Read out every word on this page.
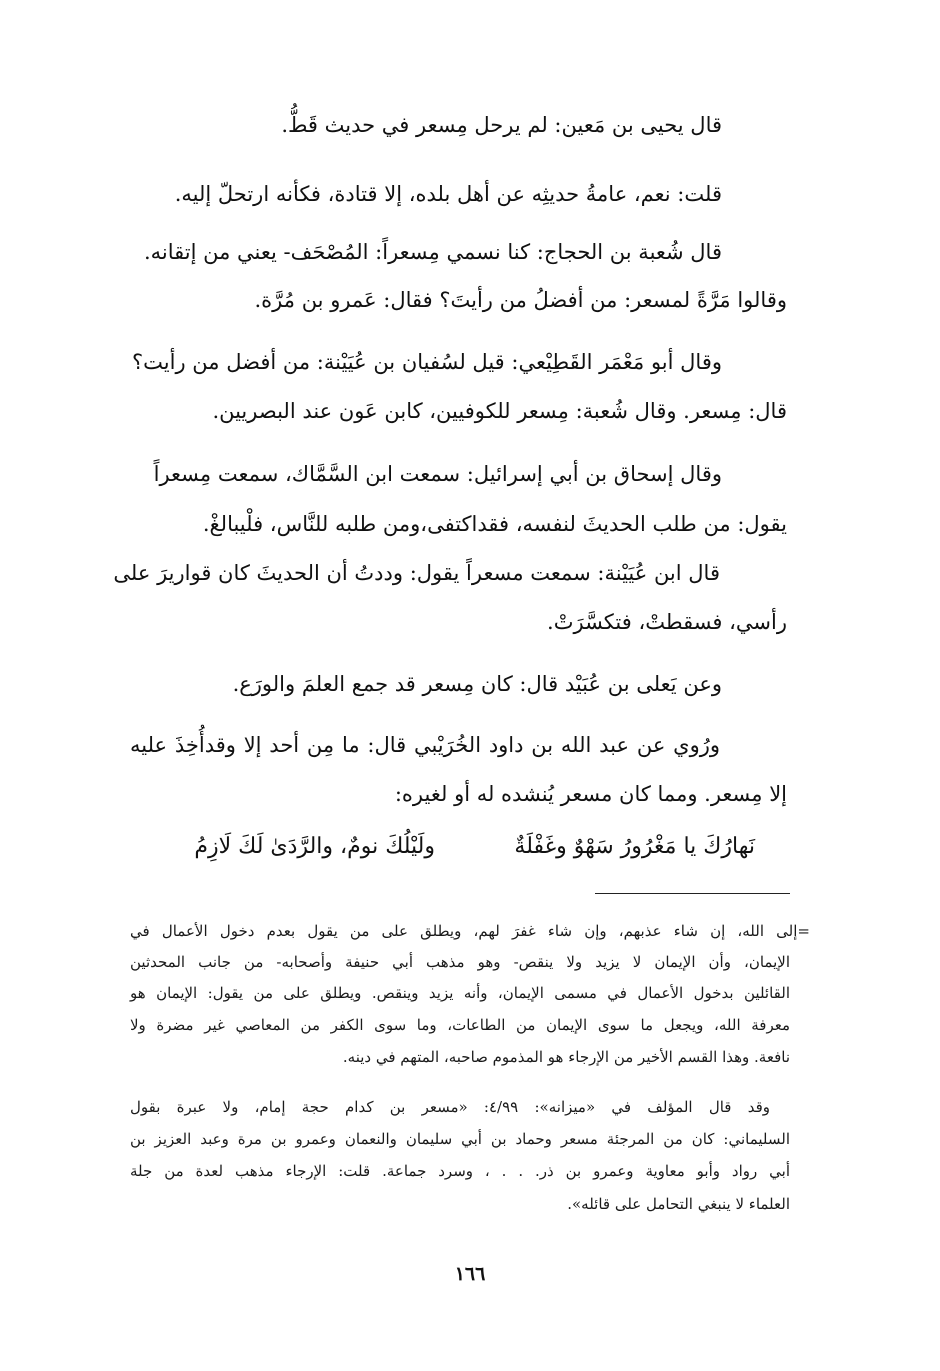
قال يحيى بن مَعين: لم يرحل مِسعر في حديث قَطُّ.
قلت: نعم، عامةُ حديثِه عن أهل بلده، إلا قتادة، فكأنه ارتحلّ إليه.
قال شُعبة بن الحجاج: كنا نسمي مِسعراً: المُصْحَف- يعني من إتقانه.
وقالوا مَرَّةً لمسعر: من أفضلُ من رأيتَ؟ فقال: عَمرو بن مُرَّة.
وقال أبو مَعْمَر القَطِيْعي: قيل لسُفيان بن عُيَيْنة: من أفضل من رأيت؟
قال: مِسعر. وقال شُعبة: مِسعر للكوفيين، كابن عَون عند البصريين.
وقال إسحاق بن أبي إسرائيل: سمعت ابن السَّمَّاك، سمعت مِسعراً
يقول: من طلب الحديثَ لنفسه، فقداكتفى،ومن طلبه للنَّاس، فلْيبالغْ.
قال ابن عُيَيْنة: سمعت مسعراً يقول: وددتُ أن الحديثَ كان قواريرَ على
رأسي، فسقطتْ، فتكسَّرَتْ.
وعن يَعلى بن عُبَيْد قال: كان مِسعر قد جمع العلمَ والورَع.
ورُوي عن عبد الله بن داود الخُرَيْبي قال: ما مِن أحد إلا وقدأُخِذَ عليه
إلا مِسعر. ومما كان مسعر يُنشده له أو لغيره:
نَهارُكَ يا مَغْرُورُ سَهْوٌ وغَفْلَةٌ
ولَيْلُكَ نومٌ، والرَّدَىٰ لَكَ لَازِمُ
=إلى الله، إن شاء عذبهم، وإن شاء غفرَ لهم، ويطلق على من يقول بعدم دخول الأعمال في
الإيمان، وأن الإيمان لا يزيد ولا ينقص- وهو مذهب أبي حنيفة وأصحابه- من جانب المحدثين
القائلين بدخول الأعمال في مسمى الإيمان، وأنه يزيد وينقص. ويطلق على من يقول: الإيمان هو
معرفة الله، ويجعل ما سوى الإيمان من الطاعات، وما سوى الكفر من المعاصي غير مضرة ولا
نافعة. وهذا القسم الأخير من الإرجاء هو المذموم صاحبه، المتهم في دينه.
وقد قال المؤلف في «ميزانه»: ٤/٩٩: «مسعر بن كدام حجة إمام، ولا عبرة بقول
السليماني: كان من المرجئة مسعر وحماد بن أبي سليمان والنعمان وعمرو بن مرة وعبد العزيز بن
أبي رواد وأبو معاوية وعمرو بن ذر. . . ، وسرد جماعة. قلت: الإرجاء مذهب لعدة من جلة
العلماء لا ينبغي التحامل على قائله».
١٦٦
